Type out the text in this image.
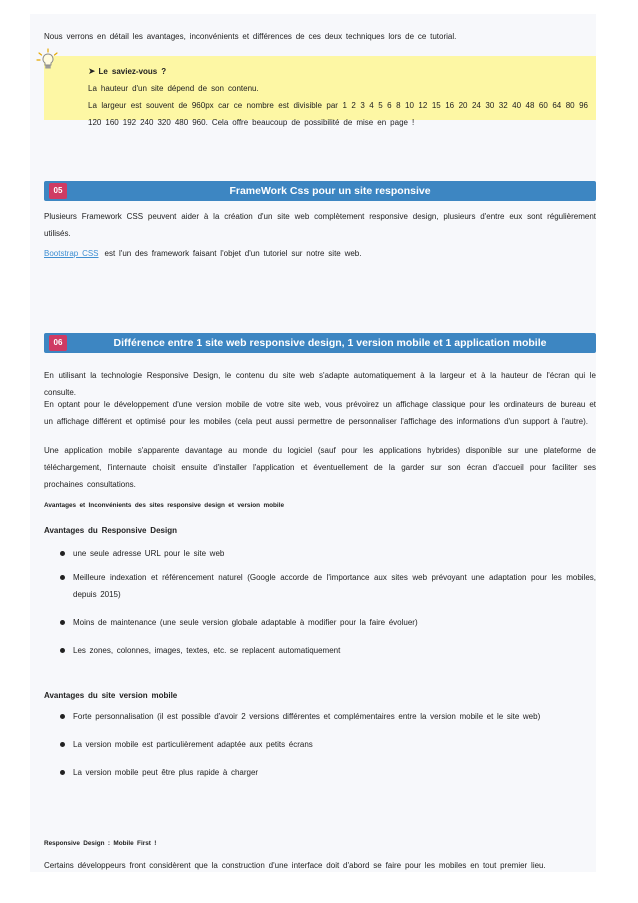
Nous verrons en détail les avantages, inconvénients et différences de ces deux techniques lors de ce tutorial.

➤ Le saviez-vous ?
La hauteur d'un site dépend de son contenu.
La largeur est souvent de 960px car ce nombre est divisible par 1 2 3 4 5 6 8 10 12 15 16 20 24 30 32 40 48 60 64 80 96 120 160 192 240 320 480 960. Cela offre beaucoup de possibilité de mise en page !
05	FrameWork Css pour un site responsive

Plusieurs Framework CSS peuvent aider à la création d'un site web complètement responsive design, plusieurs d'entre eux sont régulièrement utilisés.

Bootstrap CSS est l'un des framework faisant l'objet d'un tutoriel sur notre site web.

06	Différence entre 1 site web responsive design, 1 version mobile et 1 application mobile

En utilisant la technologie Responsive Design, le contenu du site web s'adapte automatiquement à la largeur et à la hauteur de l'écran qui le consulte.

En optant pour le développement d'une version mobile de votre site web, vous prévoirez un affichage classique pour les ordinateurs de bureau et un affichage différent et optimisé pour les mobiles (cela peut aussi permettre de personnaliser l'affichage des informations d'un support à l'autre).

Une application mobile s'apparente davantage au monde du logiciel (sauf pour les applications hybrides) disponible sur une plateforme de téléchargement, l'internaute choisit ensuite d'installer l'application et éventuellement de la garder sur son écran d'accueil pour faciliter ses prochaines consultations.

Avantages et Inconvénients des sites responsive design et version mobile

Avantages du Responsive Design

une seule adresse URL pour le site web
Meilleure indexation et référencement naturel (Google accorde de l'importance aux sites web prévoyant une adaptation pour les mobiles, depuis 2015)
Moins de maintenance (une seule version globale adaptable à modifier pour la faire évoluer)
Les zones, colonnes, images, textes, etc. se replacent automatiquement

Avantages du site version mobile

Forte personnalisation (il est possible d'avoir 2 versions différentes et complémentaires entre la version mobile et le site web)
La version mobile est particulièrement adaptée aux petits écrans
La version mobile peut être plus rapide à charger

Responsive Design : Mobile First !

Certains développeurs front considèrent que la construction d'une interface doit d'abord se faire pour les mobiles en tout premier lieu.
